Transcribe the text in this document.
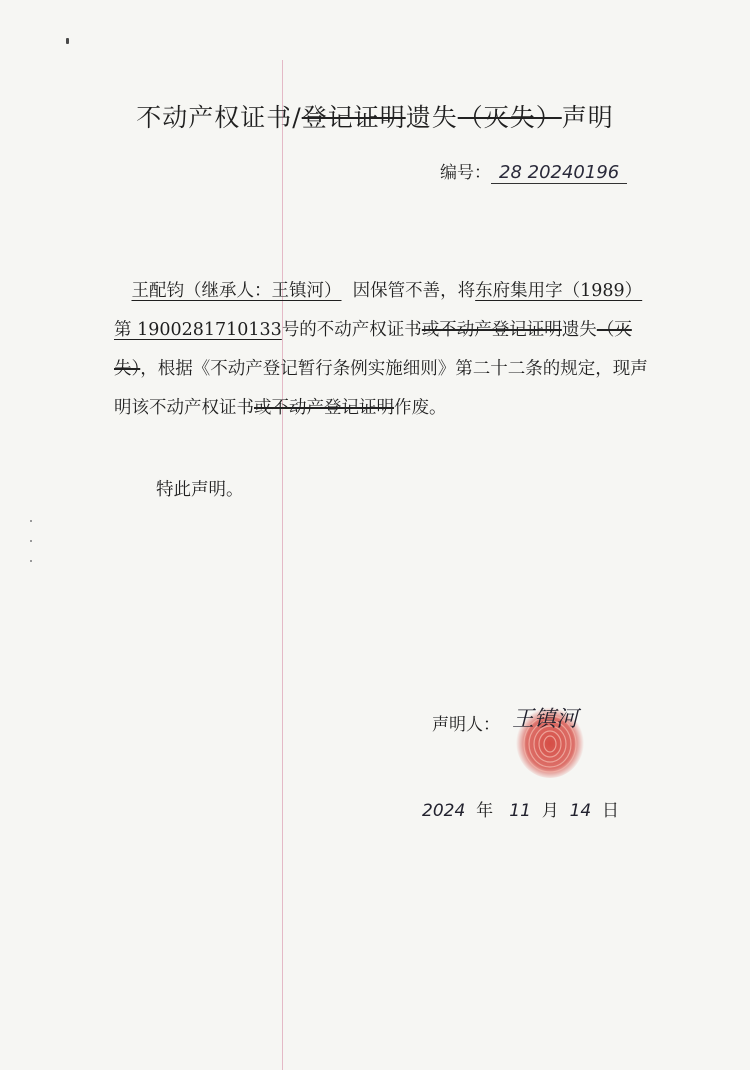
不动产权证书/登记证明遗失（灭失）声明
编号： 28 20240196

　王配钧（继承人：王镇河） 因保管不善，将东府集用字（1989）第 1900281710133号的不动产权证书或不动产登记证明遗失（灭失），根据《不动产登记暂行条例实施细则》第二十二条的规定，现声明该不动产权证书或不动产登记证明作废。

特此声明。
声明人： 王镇河
2024 年 11 月 14 日
